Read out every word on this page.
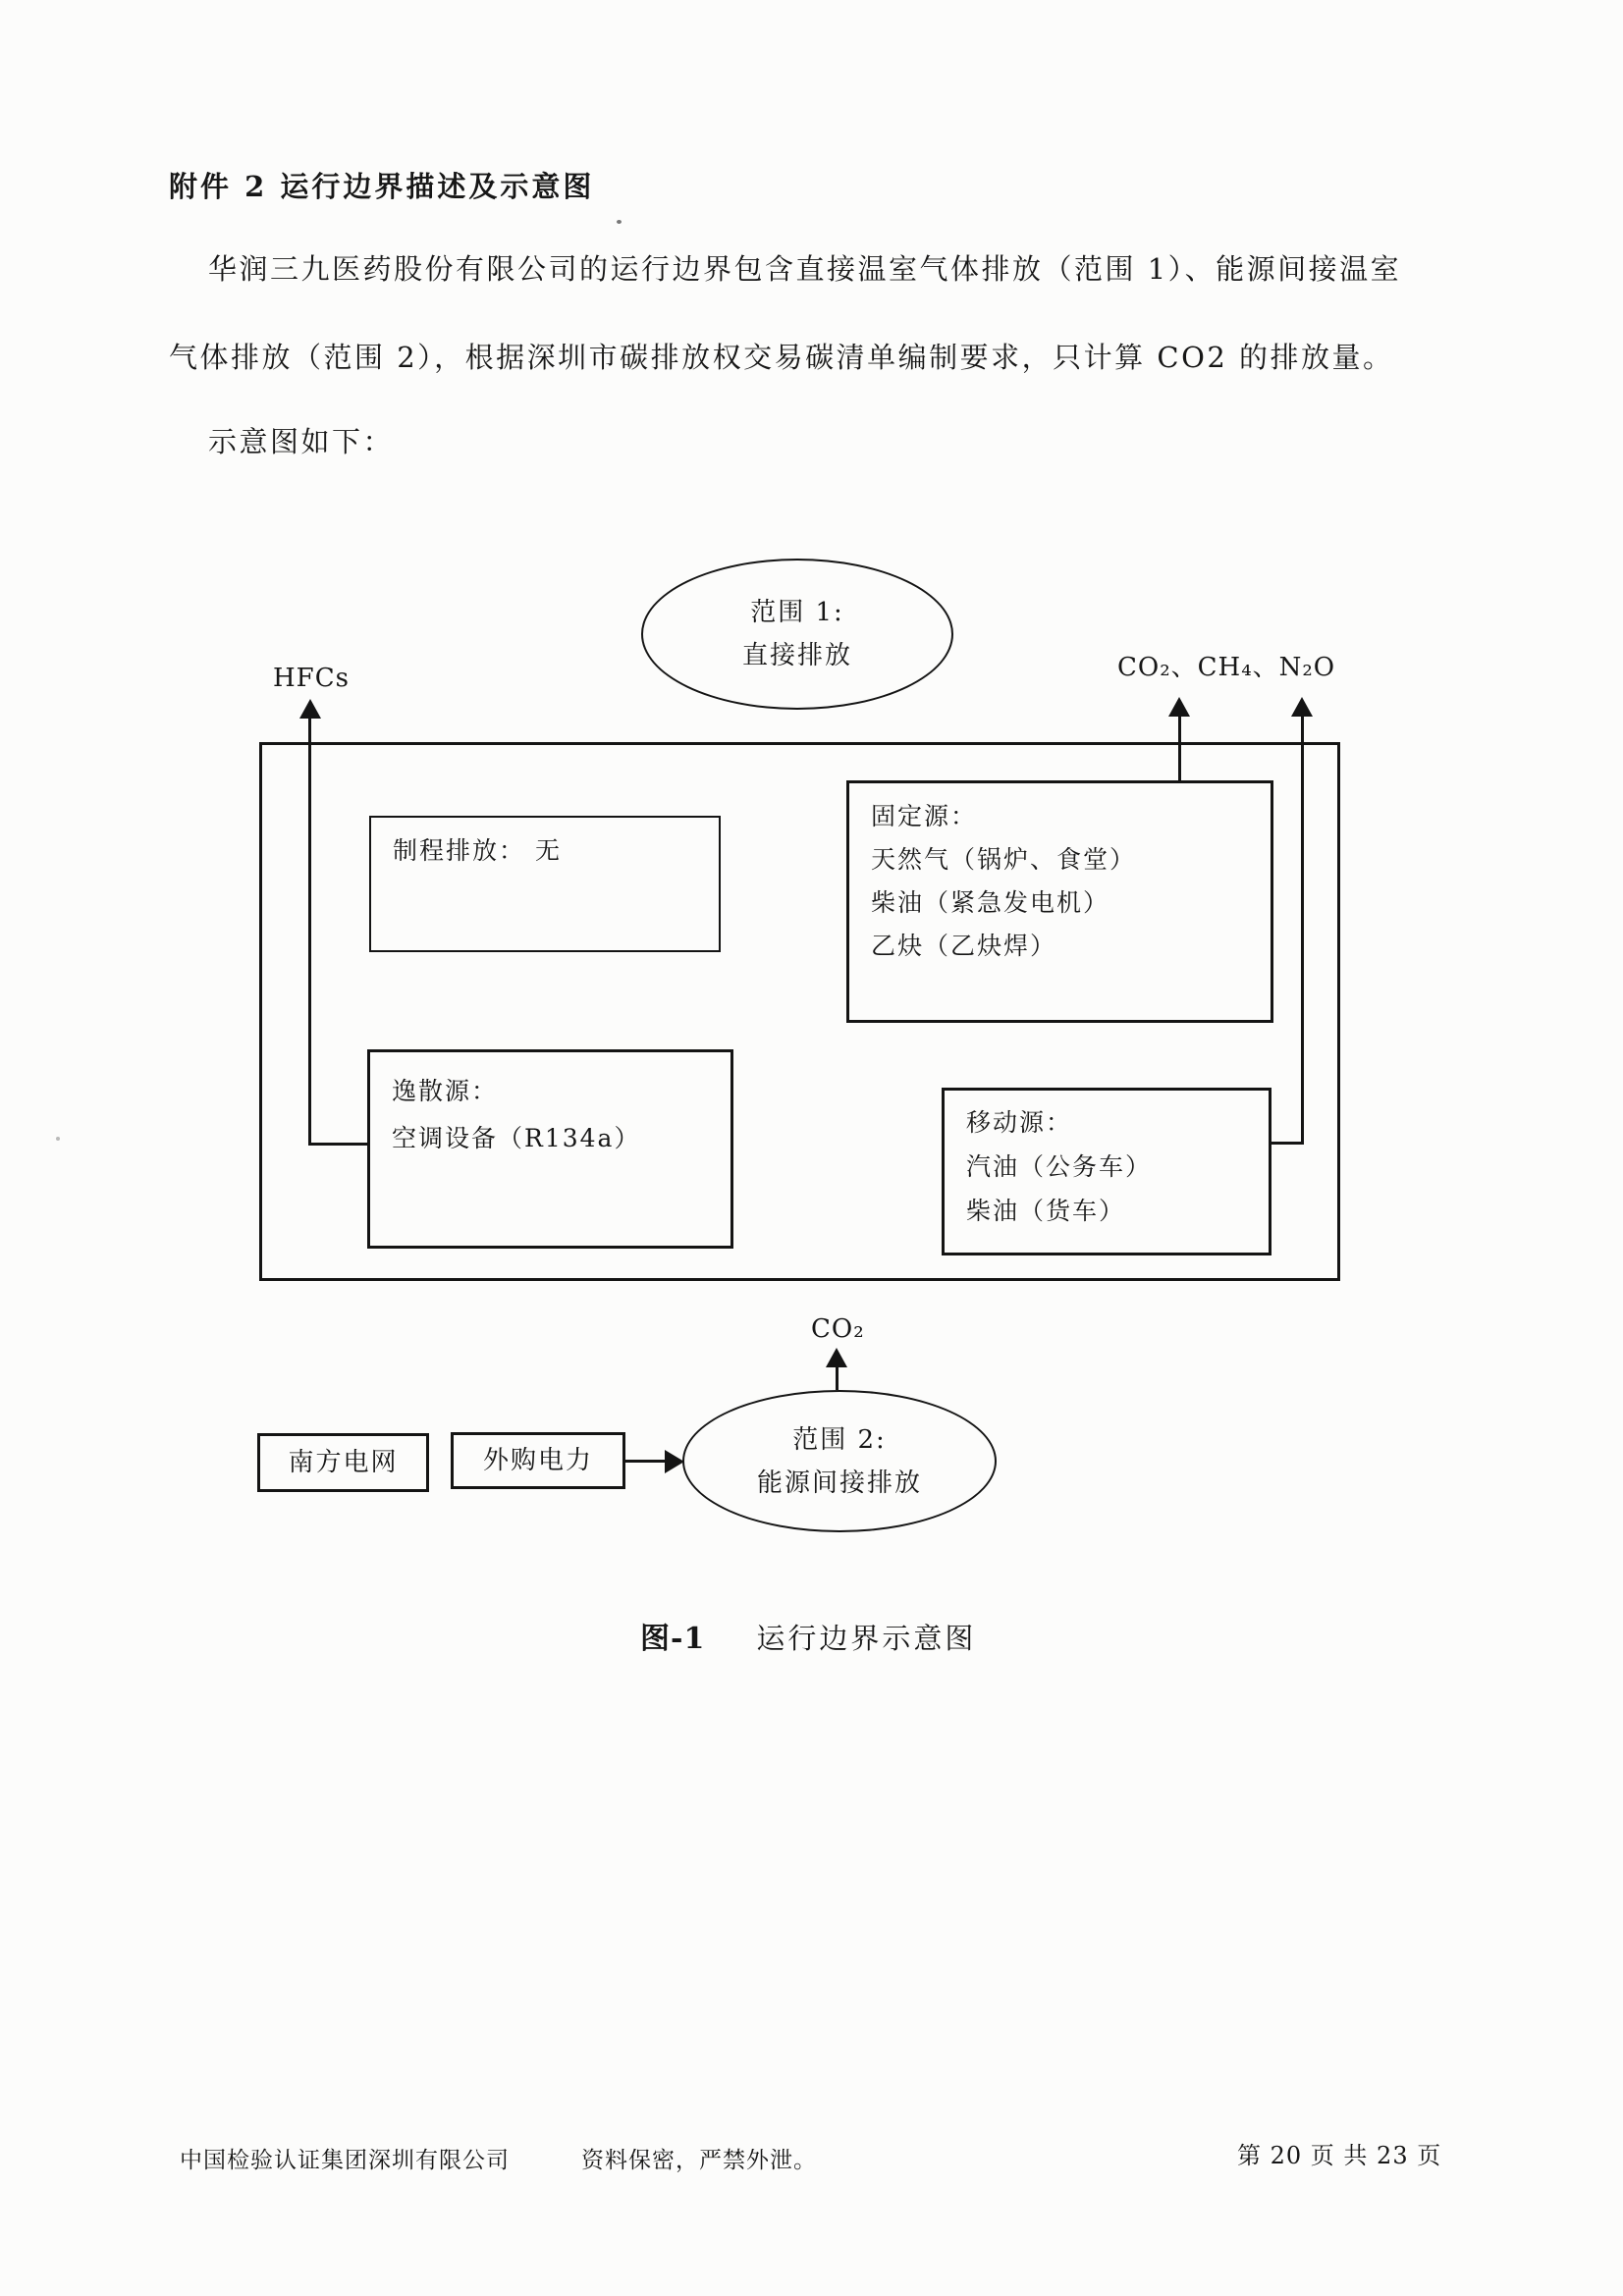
附件 2 运行边界描述及示意图
华润三九医药股份有限公司的运行边界包含直接温室气体排放（范围 1）、能源间接温室
气体排放（范围 2），根据深圳市碳排放权交易碳清单编制要求，只计算 CO2 的排放量。
示意图如下：
范围 1:
直接排放
HFCs	CO₂、CH₄、N₂O
制程排放： 无
固定源：
天然气（锅炉、食堂）
柴油（紧急发电机）
乙炔（乙炔焊）
逸散源：
空调设备（R134a）
移动源：
汽油（公务车）
柴油（货车）
CO₂
范围 2:
能源间接排放
南方电网	外购电力
图-1 运行边界示意图
中国检验认证集团深圳有限公司	资料保密，严禁外泄。	第 20 页 共 23 页
